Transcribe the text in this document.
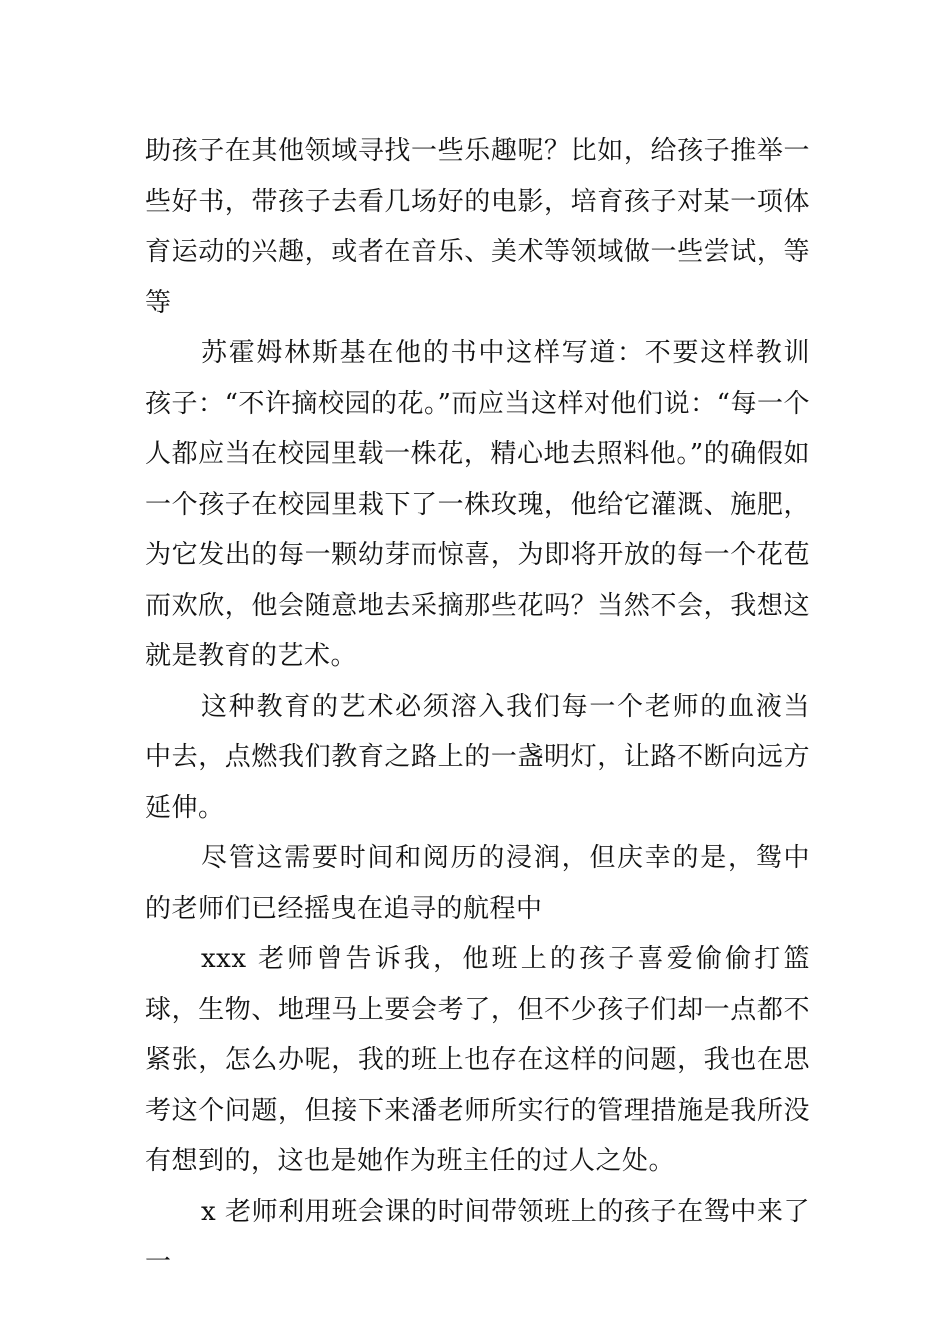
助孩子在其他领域寻找一些乐趣呢？比如，给孩子推举一些好书，带孩子去看几场好的电影，培育孩子对某一项体育运动的兴趣，或者在音乐、美术等领域做一些尝试，等等

苏霍姆林斯基在他的书中这样写道：不要这样教训孩子：“不许摘校园的花。”而应当这样对他们说：“每一个人都应当在校园里载一株花，精心地去照料他。”的确假如一个孩子在校园里栽下了一株玫瑰，他给它灌溉、施肥，为它发出的每一颗幼芽而惊喜，为即将开放的每一个花苞而欢欣，他会随意地去采摘那些花吗？当然不会，我想这就是教育的艺术。

这种教育的艺术必须溶入我们每一个老师的血液当中去，点燃我们教育之路上的一盏明灯，让路不断向远方延伸。

尽管这需要时间和阅历的浸润，但庆幸的是，鸳中的老师们已经摇曳在追寻的航程中

xxx 老师曾告诉我，他班上的孩子喜爱偷偷打篮球，生物、地理马上要会考了，但不少孩子们却一点都不紧张，怎么办呢，我的班上也存在这样的问题，我也在思考这个问题，但接下来潘老师所实行的管理措施是我所没有想到的，这也是她作为班主任的过人之处。

x 老师利用班会课的时间带领班上的孩子在鸳中来了一
